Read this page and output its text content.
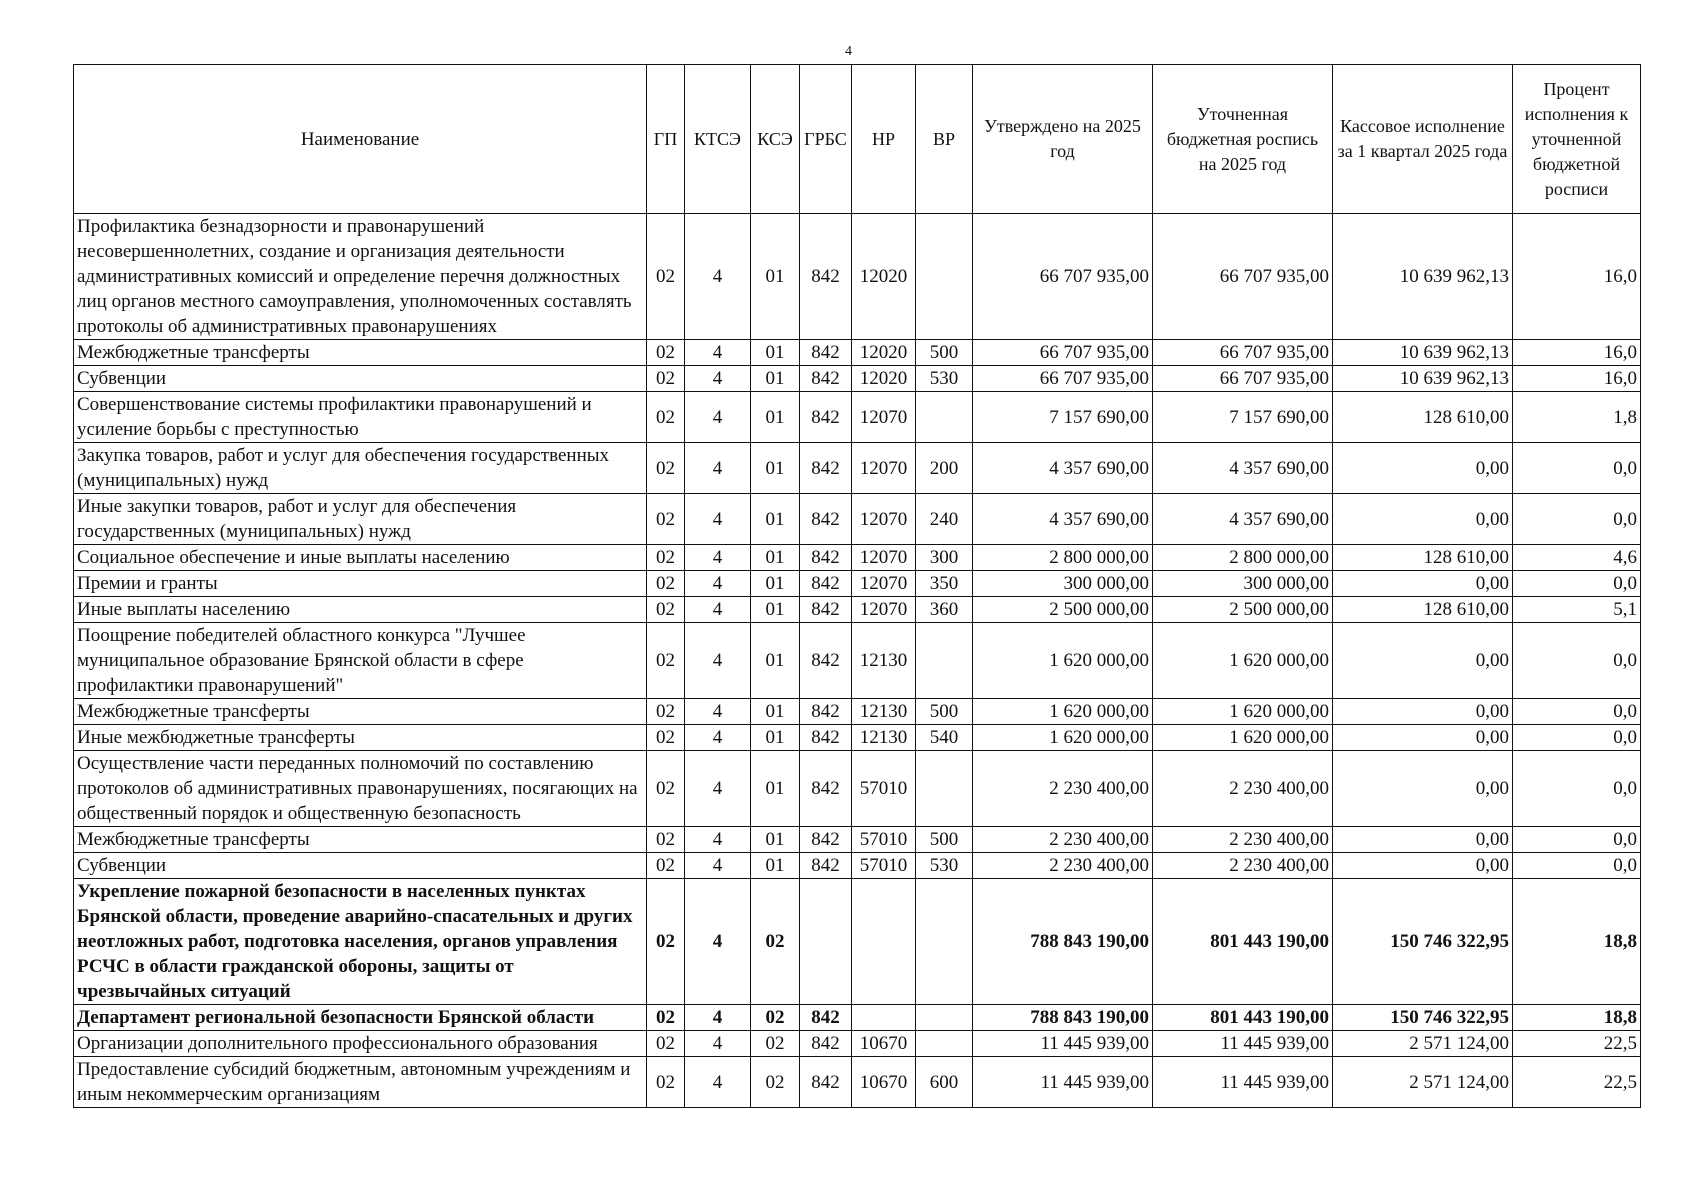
4
Наименование	ГП	КТСЭ	КСЭ	ГРБС	НР	ВР	Утверждено на 2025 год	Уточненная бюджетная роспись на 2025 год	Кассовое исполнение за 1 квартал 2025 года	Процент исполнения к уточненной бюджетной росписи
Профилактика безнадзорности и правонарушений несовершеннолетних, создание и организация деятельности административных комиссий и определение перечня должностных лиц органов местного самоуправления, уполномоченных составлять протоколы об административных правонарушениях	02	4	01	842	12020		66 707 935,00	66 707 935,00	10 639 962,13	16,0
Межбюджетные трансферты	02	4	01	842	12020	500	66 707 935,00	66 707 935,00	10 639 962,13	16,0
Субвенции	02	4	01	842	12020	530	66 707 935,00	66 707 935,00	10 639 962,13	16,0
Совершенствование системы профилактики правонарушений и усиление борьбы с преступностью	02	4	01	842	12070		7 157 690,00	7 157 690,00	128 610,00	1,8
Закупка товаров, работ и услуг для обеспечения государственных (муниципальных) нужд	02	4	01	842	12070	200	4 357 690,00	4 357 690,00	0,00	0,0
Иные закупки товаров, работ и услуг для обеспечения государственных (муниципальных) нужд	02	4	01	842	12070	240	4 357 690,00	4 357 690,00	0,00	0,0
Социальное обеспечение и иные выплаты населению	02	4	01	842	12070	300	2 800 000,00	2 800 000,00	128 610,00	4,6
Премии и гранты	02	4	01	842	12070	350	300 000,00	300 000,00	0,00	0,0
Иные выплаты населению	02	4	01	842	12070	360	2 500 000,00	2 500 000,00	128 610,00	5,1
Поощрение победителей областного конкурса "Лучшее муниципальное образование Брянской области в сфере профилактики правонарушений"	02	4	01	842	12130		1 620 000,00	1 620 000,00	0,00	0,0
Межбюджетные трансферты	02	4	01	842	12130	500	1 620 000,00	1 620 000,00	0,00	0,0
Иные межбюджетные трансферты	02	4	01	842	12130	540	1 620 000,00	1 620 000,00	0,00	0,0
Осуществление части переданных полномочий по составлению протоколов об административных правонарушениях, посягающих на общественный порядок и общественную безопасность	02	4	01	842	57010		2 230 400,00	2 230 400,00	0,00	0,0
Межбюджетные трансферты	02	4	01	842	57010	500	2 230 400,00	2 230 400,00	0,00	0,0
Субвенции	02	4	01	842	57010	530	2 230 400,00	2 230 400,00	0,00	0,0
Укрепление пожарной безопасности в населенных пунктах Брянской области, проведение аварийно-спасательных и других неотложных работ, подготовка населения, органов управления РСЧС в области гражданской обороны, защиты от чрезвычайных ситуаций	02	4	02				788 843 190,00	801 443 190,00	150 746 322,95	18,8
Департамент региональной безопасности Брянской области	02	4	02	842			788 843 190,00	801 443 190,00	150 746 322,95	18,8
Организации дополнительного профессионального образования	02	4	02	842	10670		11 445 939,00	11 445 939,00	2 571 124,00	22,5
Предоставление субсидий бюджетным, автономным учреждениям и иным некоммерческим организациям	02	4	02	842	10670	600	11 445 939,00	11 445 939,00	2 571 124,00	22,5
